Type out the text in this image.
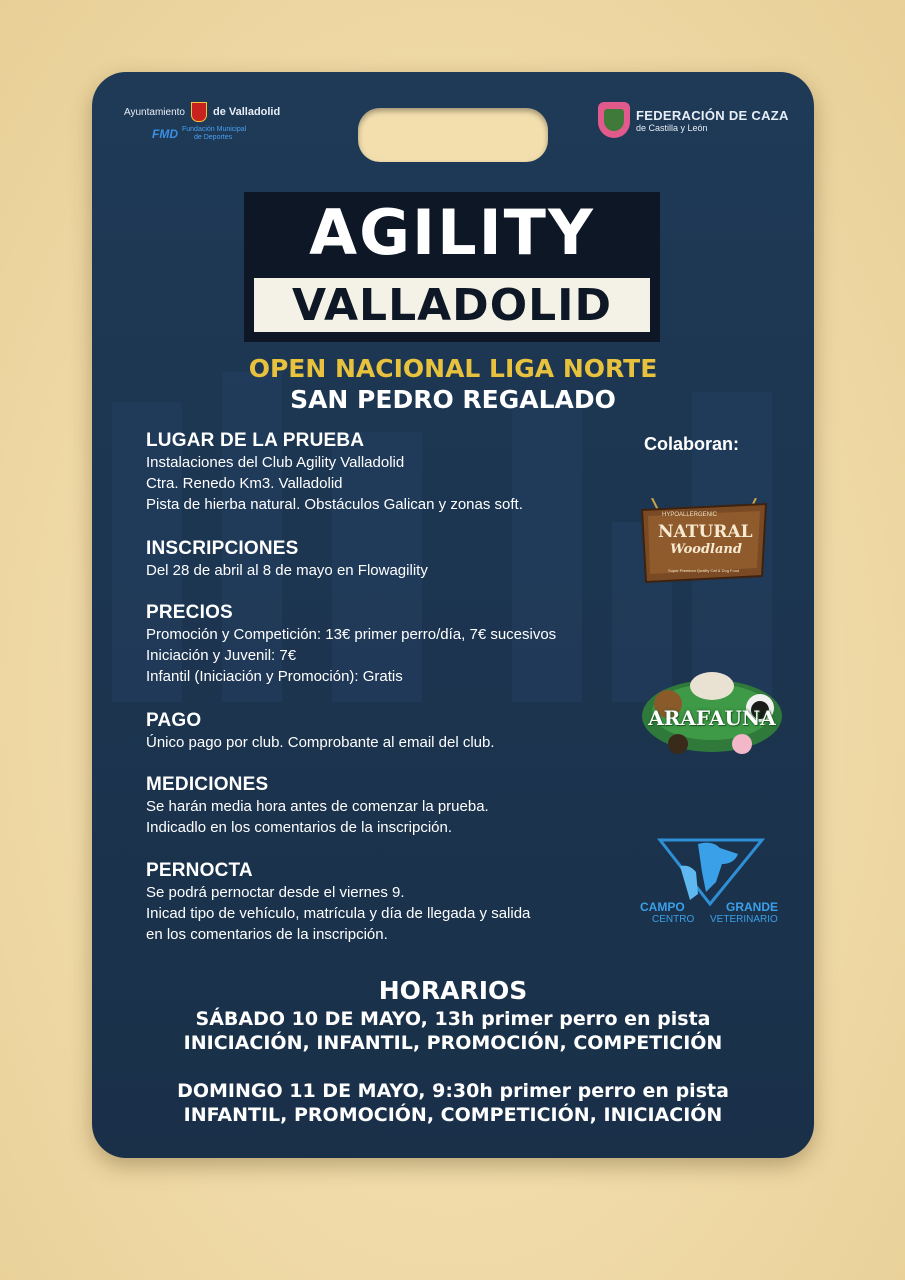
Ayuntamiento	de Valladolid
FMD Fundación Municipal
de Deportes
FEDERACIÓN DE CAZA
de Castilla y León
AGILITY
VALLADOLID
OPEN NACIONAL LIGA NORTE
SAN PEDRO REGALADO
LUGAR DE LA PRUEBA
Instalaciones del Club Agility Valladolid
Ctra. Renedo Km3. Valladolid
Pista de hierba natural. Obstáculos Galican y zonas soft.
INSCRIPCIONES
Del 28 de abril al 8 de mayo en Flowagility
PRECIOS
Promoción y Competición: 13€ primer perro/día, 7€ sucesivos
Iniciación y Juvenil: 7€
Infantil (Iniciación y Promoción): Gratis
PAGO
Único pago por club. Comprobante al email del club.
MEDICIONES
Se harán media hora antes de comenzar la prueba.
Indicadlo en los comentarios de la inscripción.
PERNOCTA
Se podrá pernoctar desde el viernes 9.
Inicad tipo de vehículo, matrícula y día de llegada y salida
en los comentarios de la inscripción.
Colaboran:
HYPOALLERGENIC
NATURAL
Woodland
Super Premium Quality Cat & Dog Food
ARAFAUNA
CAMPO	GRANDE
CENTRO VETERINARIO
HORARIOS
SÁBADO 10 DE MAYO, 13h primer perro en pista
INICIACIÓN, INFANTIL, PROMOCIÓN, COMPETICIÓN
DOMINGO 11 DE MAYO, 9:30h primer perro en pista
INFANTIL, PROMOCIÓN, COMPETICIÓN, INICIACIÓN
